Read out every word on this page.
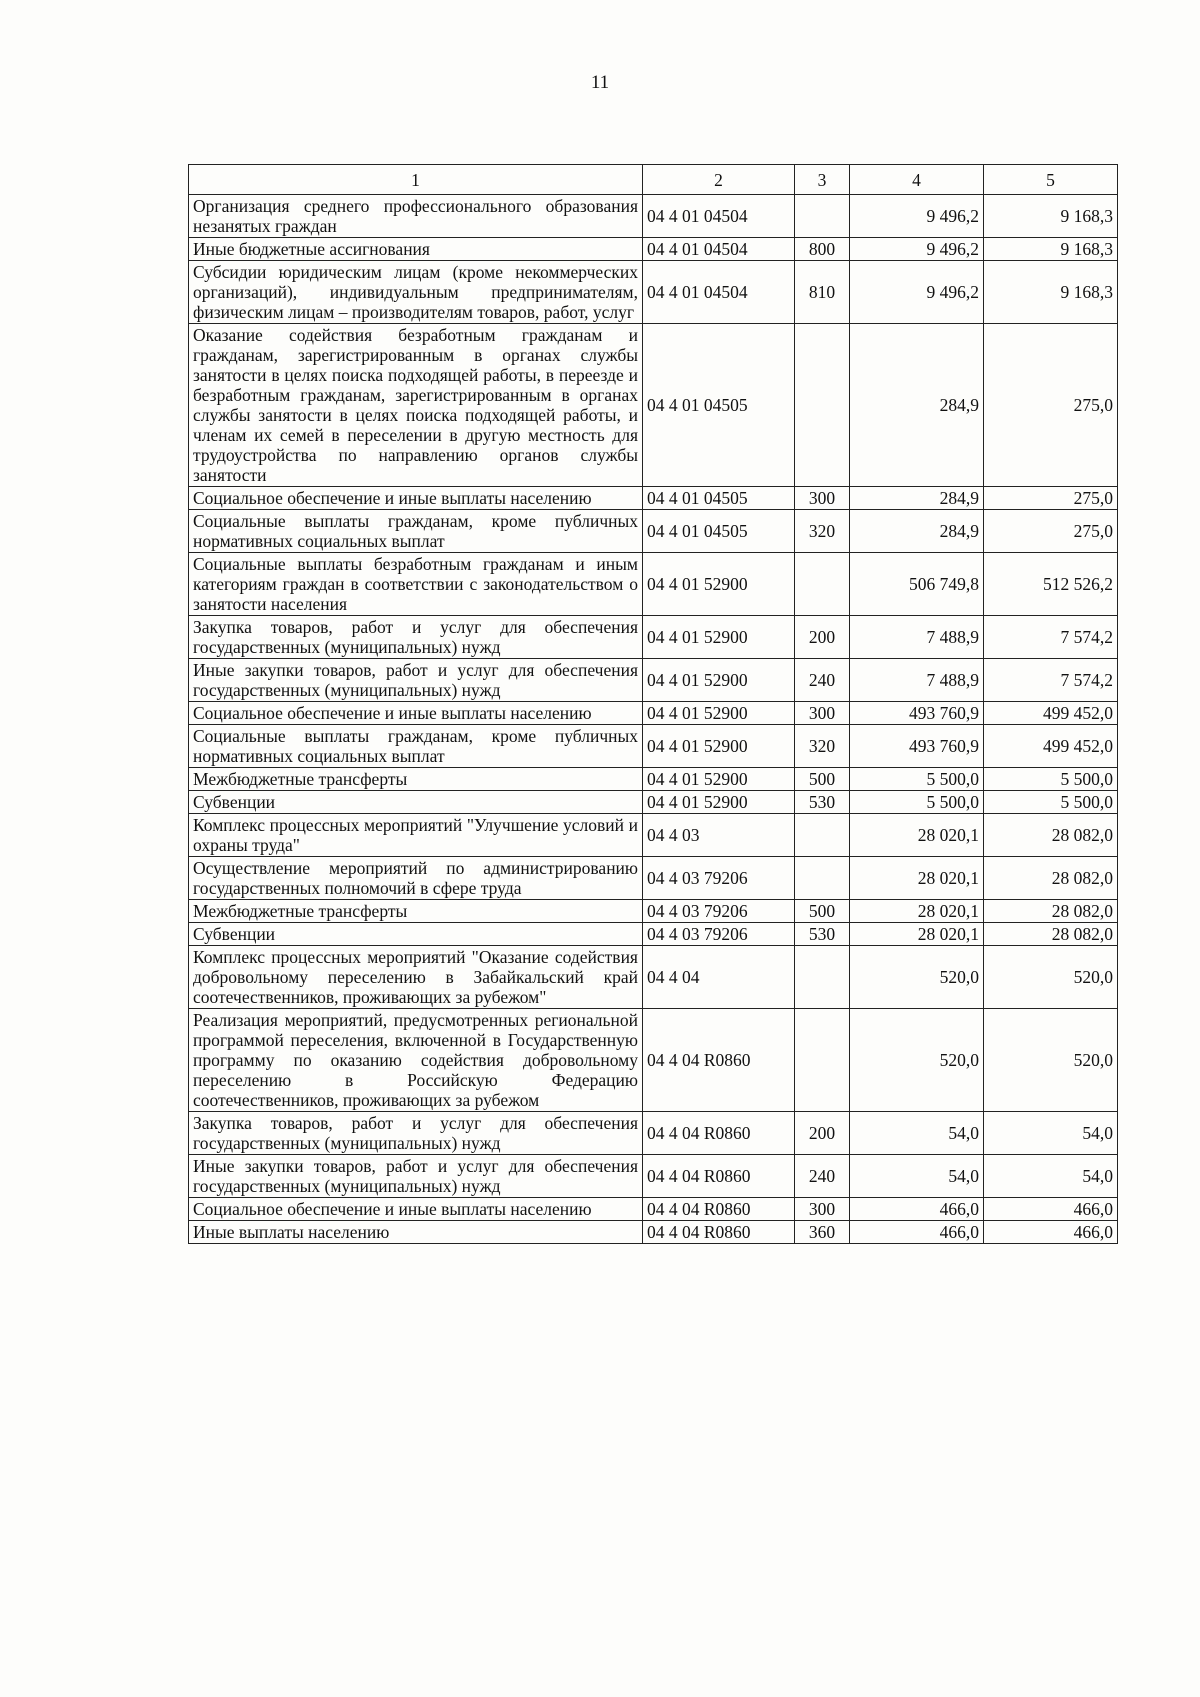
11
1	2	3	4	5
Организация среднего профессионального образования незанятых граждан	04 4 01 04504		9 496,2	9 168,3
Иные бюджетные ассигнования	04 4 01 04504	800	9 496,2	9 168,3
Субсидии юридическим лицам (кроме некоммерческих организаций), индивидуальным предпринимателям, физическим лицам – производителям товаров, работ, услуг	04 4 01 04504	810	9 496,2	9 168,3
Оказание содействия безработным гражданам и гражданам, зарегистрированным в органах службы занятости в целях поиска подходящей работы, в переезде и безработным гражданам, зарегистрированным в органах службы занятости в целях поиска подходящей работы, и членам их семей в переселении в другую местность для трудоустройства по направлению органов службы занятости	04 4 01 04505		284,9	275,0
Социальное обеспечение и иные выплаты населению	04 4 01 04505	300	284,9	275,0
Социальные выплаты гражданам, кроме публичных нормативных социальных выплат	04 4 01 04505	320	284,9	275,0
Социальные выплаты безработным гражданам и иным категориям граждан в соответствии с законодательством о занятости населения	04 4 01 52900		506 749,8	512 526,2
Закупка товаров, работ и услуг для обеспечения государственных (муниципальных) нужд	04 4 01 52900	200	7 488,9	7 574,2
Иные закупки товаров, работ и услуг для обеспечения государственных (муниципальных) нужд	04 4 01 52900	240	7 488,9	7 574,2
Социальное обеспечение и иные выплаты населению	04 4 01 52900	300	493 760,9	499 452,0
Социальные выплаты гражданам, кроме публичных нормативных социальных выплат	04 4 01 52900	320	493 760,9	499 452,0
Межбюджетные трансферты	04 4 01 52900	500	5 500,0	5 500,0
Субвенции	04 4 01 52900	530	5 500,0	5 500,0
Комплекс процессных мероприятий "Улучшение условий и охраны труда"	04 4 03		28 020,1	28 082,0
Осуществление мероприятий по администрированию государственных полномочий в сфере труда	04 4 03 79206		28 020,1	28 082,0
Межбюджетные трансферты	04 4 03 79206	500	28 020,1	28 082,0
Субвенции	04 4 03 79206	530	28 020,1	28 082,0
Комплекс процессных мероприятий "Оказание содействия добровольному переселению в Забайкальский край соотечественников, проживающих за рубежом"	04 4 04		520,0	520,0
Реализация мероприятий, предусмотренных региональной программой переселения, включенной в Государственную программу по оказанию содействия добровольному переселению в Российскую Федерацию соотечественников, проживающих за рубежом	04 4 04 R0860		520,0	520,0
Закупка товаров, работ и услуг для обеспечения государственных (муниципальных) нужд	04 4 04 R0860	200	54,0	54,0
Иные закупки товаров, работ и услуг для обеспечения государственных (муниципальных) нужд	04 4 04 R0860	240	54,0	54,0
Социальное обеспечение и иные выплаты населению	04 4 04 R0860	300	466,0	466,0
Иные выплаты населению	04 4 04 R0860	360	466,0	466,0
